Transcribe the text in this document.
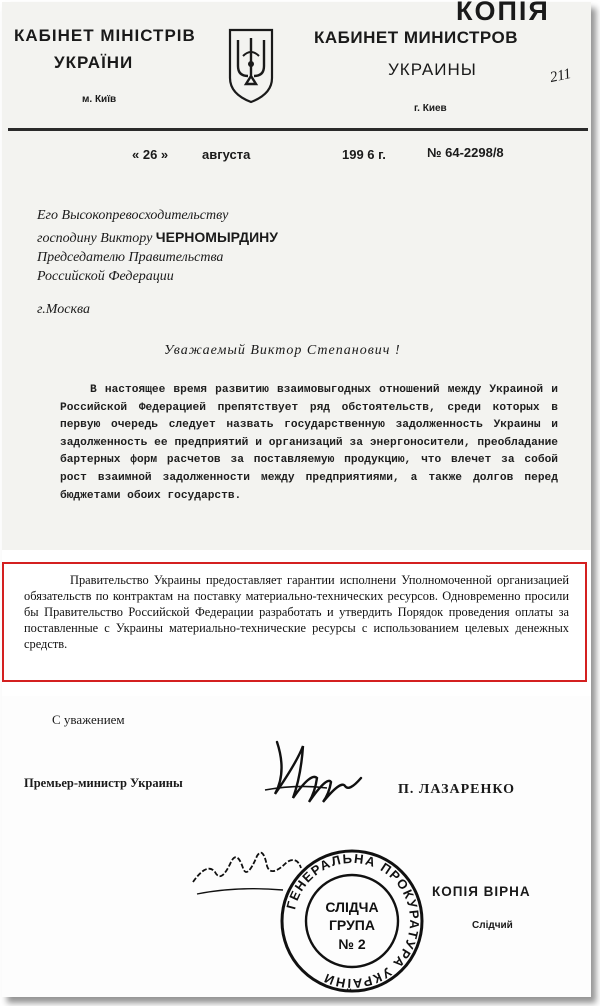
КАБІНЕТ МІНІСТРІВ
УКРАЇНИ
м. Київ
КАБИНЕТ МИНИСТРОВ
УКРАИНЫ
г. Киев
КОПІЯ
211
« 26 »	августа	199 6 г.	№ 64-2298/8
Его Высокопревосходительству
господину Виктору ЧЕРНОМЫРДИНУ
Председателю Правительства
Российской Федерации
г.Москва
Уважаемый Виктор Степанович !
В настоящее время развитию взаимовыгодных отношений между Украиной и Российской Федерацией препятствует ряд обстоятельств, среди которых в первую очередь следует назвать государственную задолженность Украины и задолженность ее предприятий и организаций за энергоносители, преобладание бартерных форм расчетов за поставляемую продукцию, что влечет за собой рост взаимной задолженности между предприятиями, а также долгов перед бюджетами обоих государств.
Правительство Украины предоставляет гарантии исполнени Уполномоченной организацией обязательств по контрактам на поставку материально-технических ресурсов. Одновременно просили бы Правительство Российской Федерации разработать и утвердить Порядок проведения оплаты за поставленные с Украины материально-технические ресурсы с использованием целевых денежных средств.
С уважением
Премьер-министр Украины	П. ЛАЗАРЕНКО
ГЕНЕРАЛЬНА ПРОКУРАТУРА УКРАЇНИ
СЛІДЧА
ГРУПА
№ 2
КОПІЯ ВІРНА
Слідчий
